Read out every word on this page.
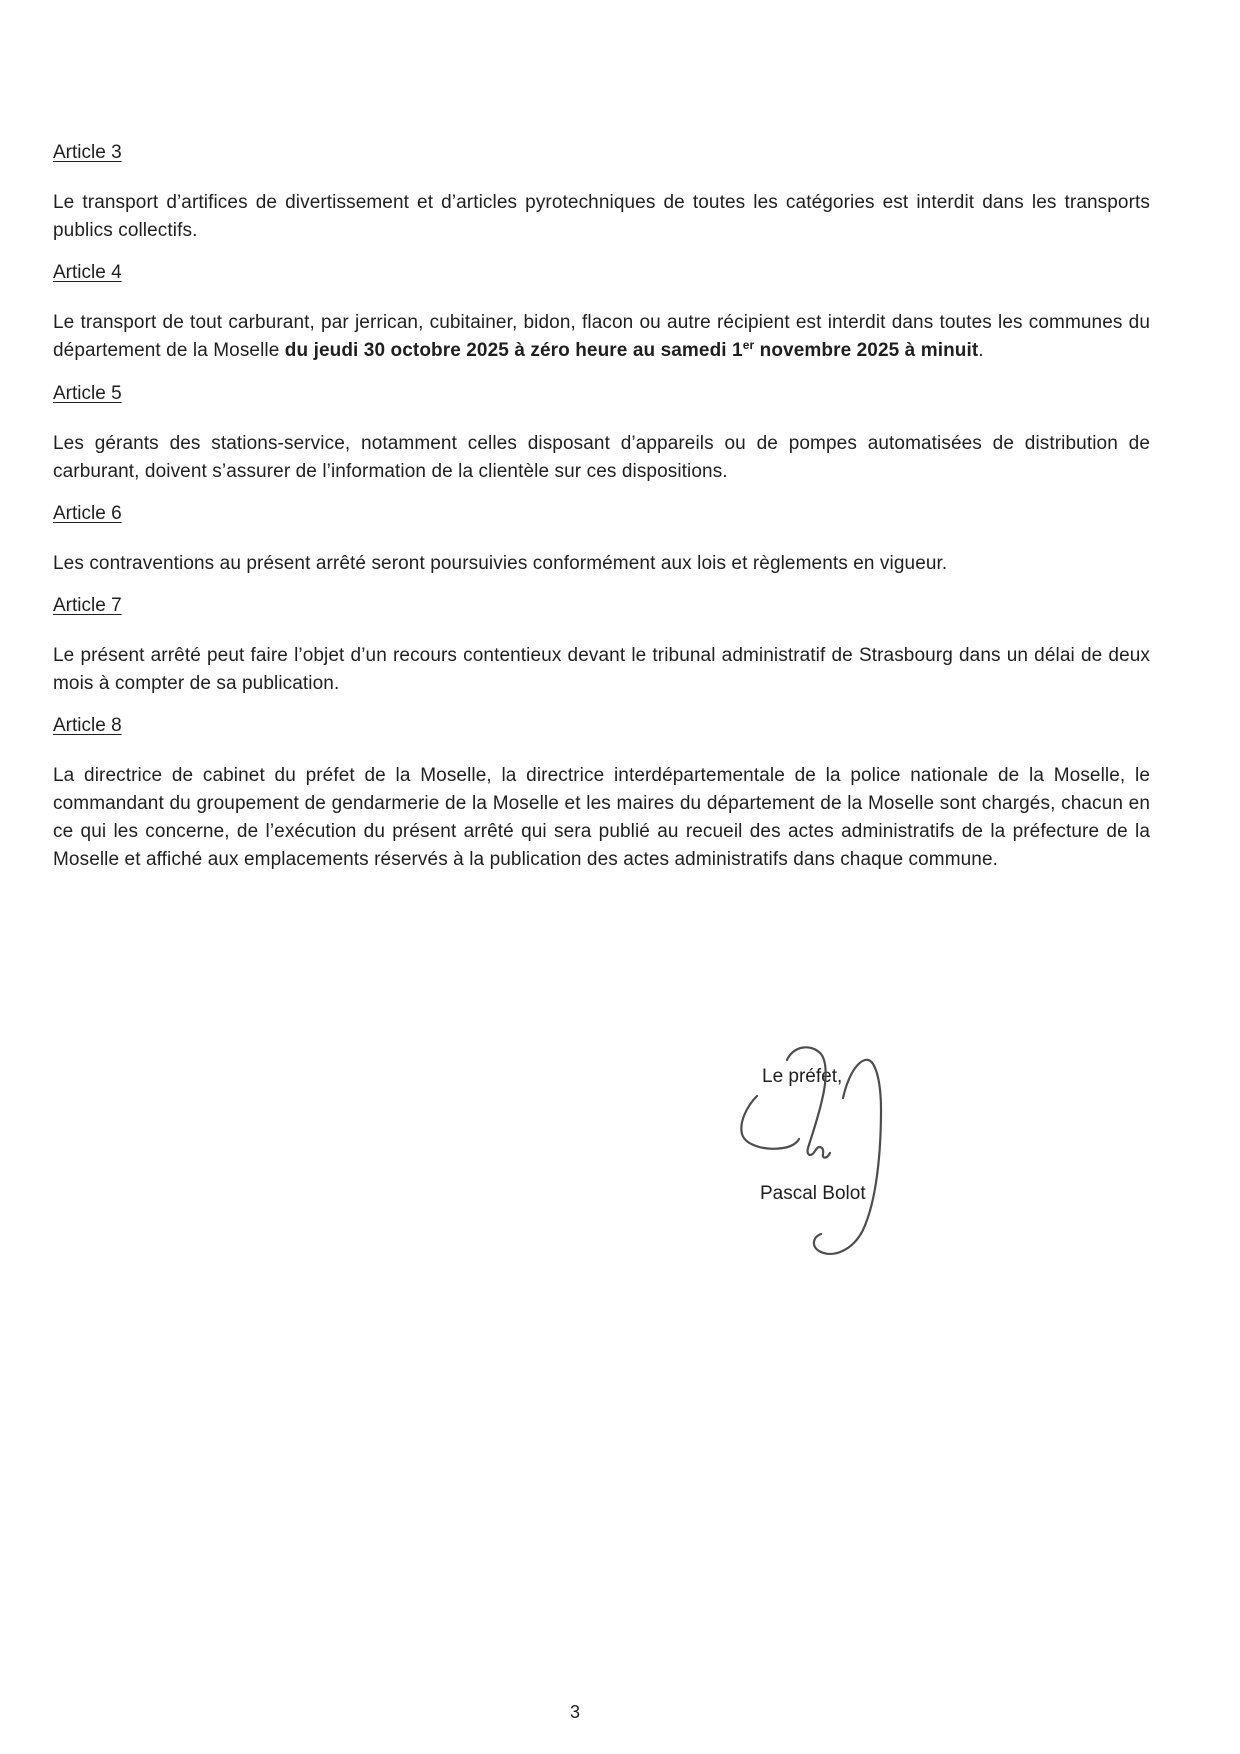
Article 3

Le transport d’artifices de divertissement et d’articles pyrotechniques de toutes les catégories est interdit dans les transports publics collectifs.

Article 4

Le transport de tout carburant, par jerrican, cubitainer, bidon, flacon ou autre récipient est interdit dans toutes les communes du département de la Moselle du jeudi 30 octobre 2025 à zéro heure au samedi 1er novembre 2025 à minuit.

Article 5

Les gérants des stations-service, notamment celles disposant d’appareils ou de pompes automatisées de distribution de carburant, doivent s’assurer de l’information de la clientèle sur ces dispositions.

Article 6

Les contraventions au présent arrêté seront poursuivies conformément aux lois et règlements en vigueur.

Article 7

Le présent arrêté peut faire l’objet d’un recours contentieux devant le tribunal administratif de Strasbourg dans un délai de deux mois à compter de sa publication.

Article 8

La directrice de cabinet du préfet de la Moselle, la directrice interdépartementale de la police nationale de la Moselle, le commandant du groupement de gendarmerie de la Moselle et les maires du département de la Moselle sont chargés, chacun en ce qui les concerne, de l’exécution du présent arrêté qui sera publié au recueil des actes administratifs de la préfecture de la Moselle et affiché aux emplacements réservés à la publication des actes administratifs dans chaque commune.

Le préfet,
Pascal Bolot
3
